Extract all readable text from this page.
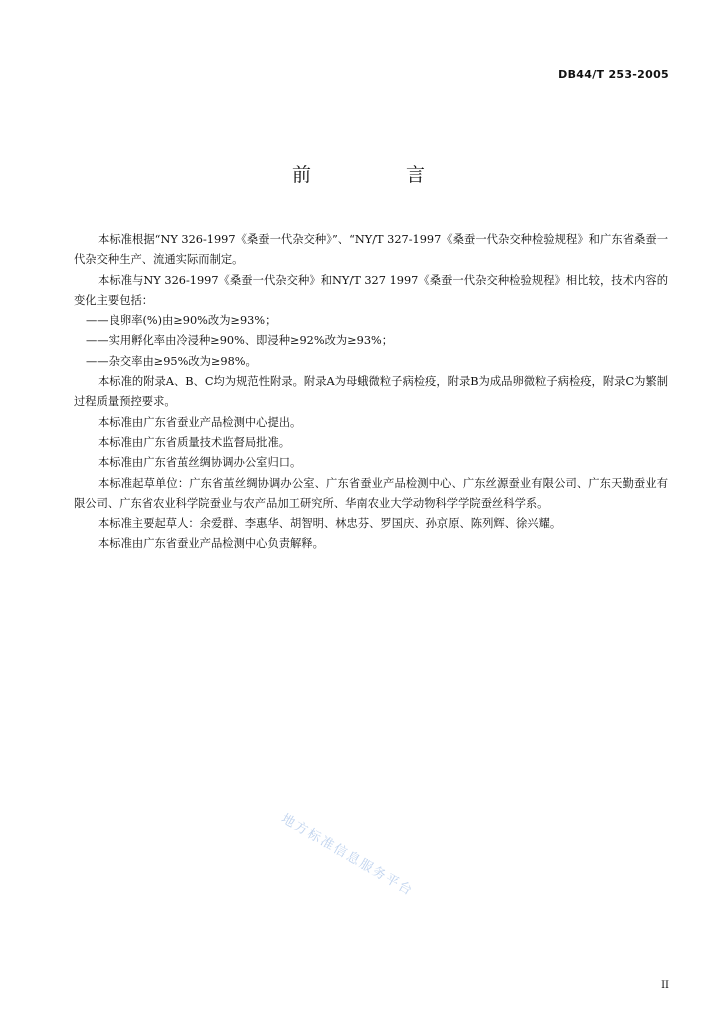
DB44/T 253-2005
前　言

本标准根据“NY 326-1997《桑蚕一代杂交种》”、“NY/T 327-1997《桑蚕一代杂交种检验规程》和广东省桑蚕一代杂交种生产、流通实际而制定。

本标准与NY 326-1997《桑蚕一代杂交种》和NY/T 327 1997《桑蚕一代杂交种检验规程》相比较，技术内容的变化主要包括：

——良卵率(%)由≥90%改为≥93%；

——实用孵化率由冷浸种≥90%、即浸种≥92%改为≥93%；

——杂交率由≥95%改为≥98%。

本标准的附录A、B、C均为规范性附录。附录A为母蛾微粒子病检疫，附录B为成品卵微粒子病检疫，附录C为繁制过程质量预控要求。

本标准由广东省蚕业产品检测中心提出。

本标准由广东省质量技术监督局批准。

本标准由广东省茧丝绸协调办公室归口。

本标准起草单位：广东省茧丝绸协调办公室、广东省蚕业产品检测中心、广东丝源蚕业有限公司、广东天勤蚕业有限公司、广东省农业科学院蚕业与农产品加工研究所、华南农业大学动物科学学院蚕丝科学系。

本标准主要起草人：余爱群、李惠华、胡智明、林忠芬、罗国庆、孙京原、陈列辉、徐兴耀。

本标准由广东省蚕业产品检测中心负责解释。

地方标准信息服务平台
II
